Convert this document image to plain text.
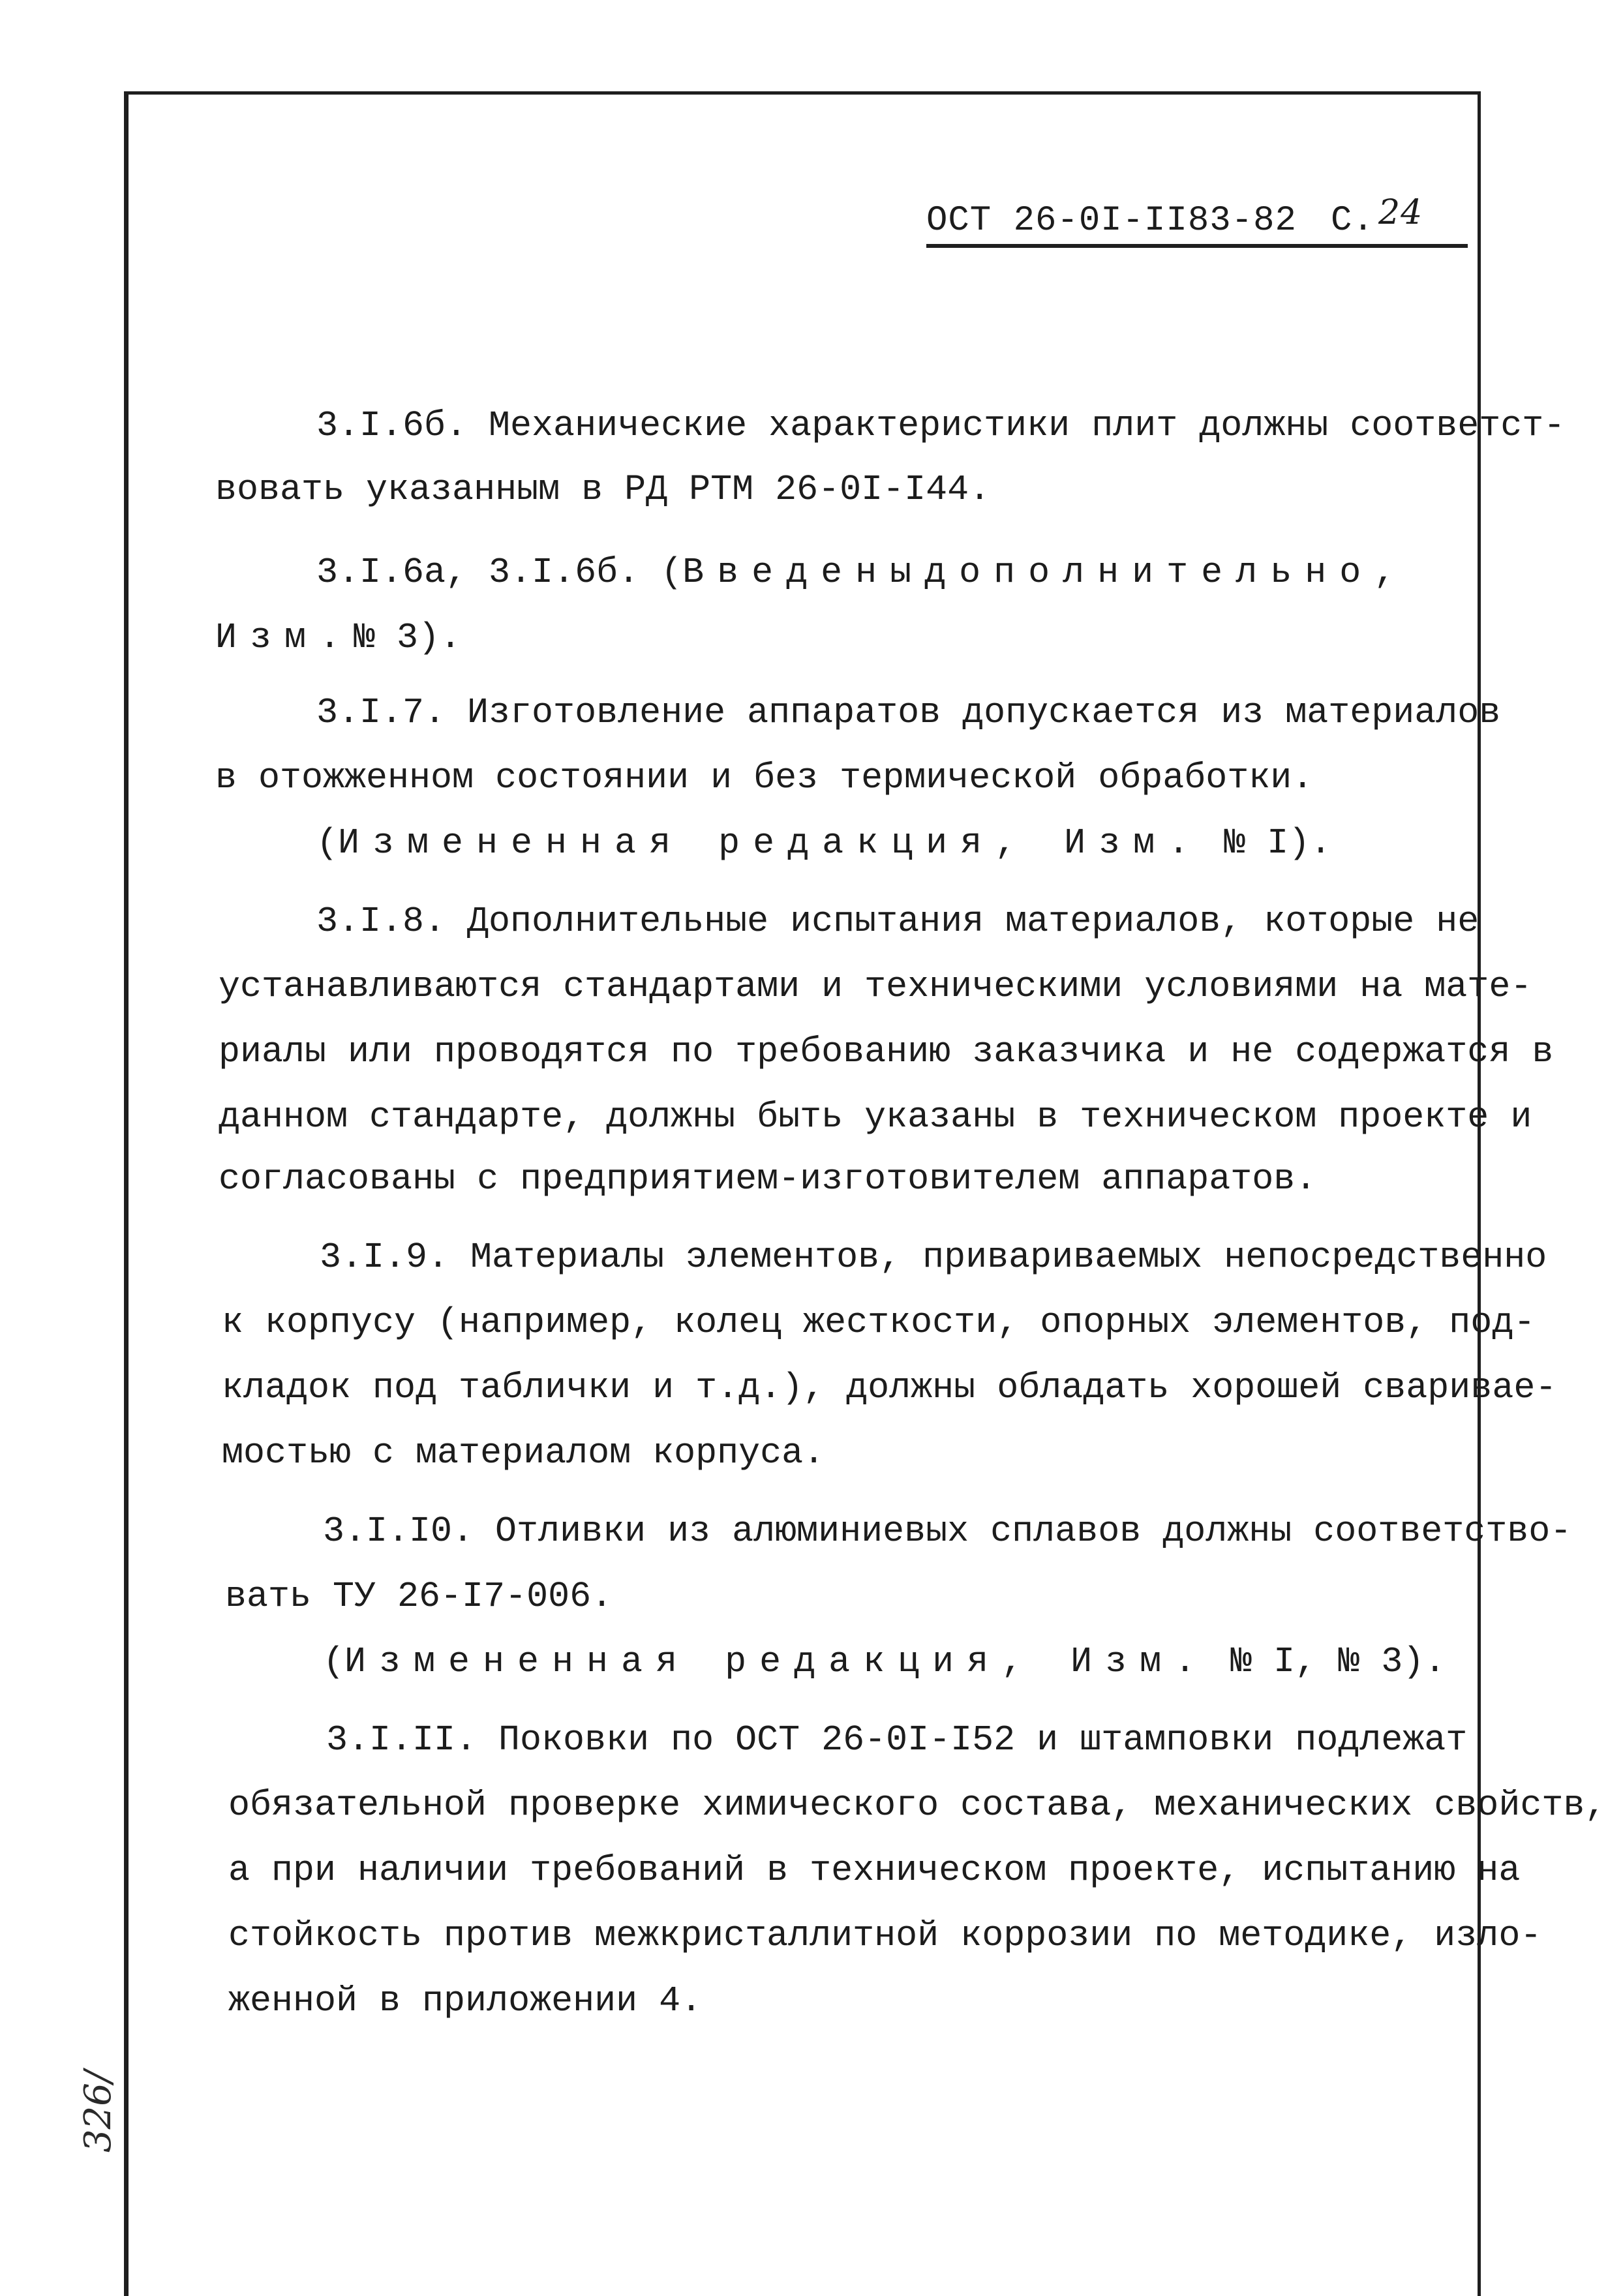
ОСТ 26-0I-II83-82 С. 24
3.I.6б. Механические характеристики плит должны соответст-
вовать указанным в РД РТМ 26-0I-I44.
3.I.6а, 3.I.6б. (Введеныдополнительно,
Изм.№ 3).
3.I.7. Изготовление аппаратов допускается из материалов
в отожженном состоянии и без термической обработки.
(Измененная редакция, Изм. № I).
3.I.8. Дополнительные испытания материалов, которые не
устанавливаются стандартами и техническими условиями на мате-
риалы или проводятся по требованию заказчика и не содержатся в
данном стандарте, должны быть указаны в техническом проекте и
согласованы с предприятием-изготовителем аппаратов.
3.I.9. Материалы элементов, привариваемых непосредственно
к корпусу (например, колец жесткости, опорных элементов, под-
кладок под таблички и т.д.), должны обладать хорошей сваривае-
мостью с материалом корпуса.
3.I.I0. Отливки из алюминиевых сплавов должны соответство-
вать ТУ 26-I7-006.
(Измененная редакция, Изм. № I, № 3).
3.I.II. Поковки по ОСТ 26-0I-I52 и штамповки подлежат
обязательной проверке химического состава, механических свойств,
а при наличии требований в техническом проекте, испытанию на
стойкость против межкристаллитной коррозии по методике, изло-
женной в приложении 4.
326/
